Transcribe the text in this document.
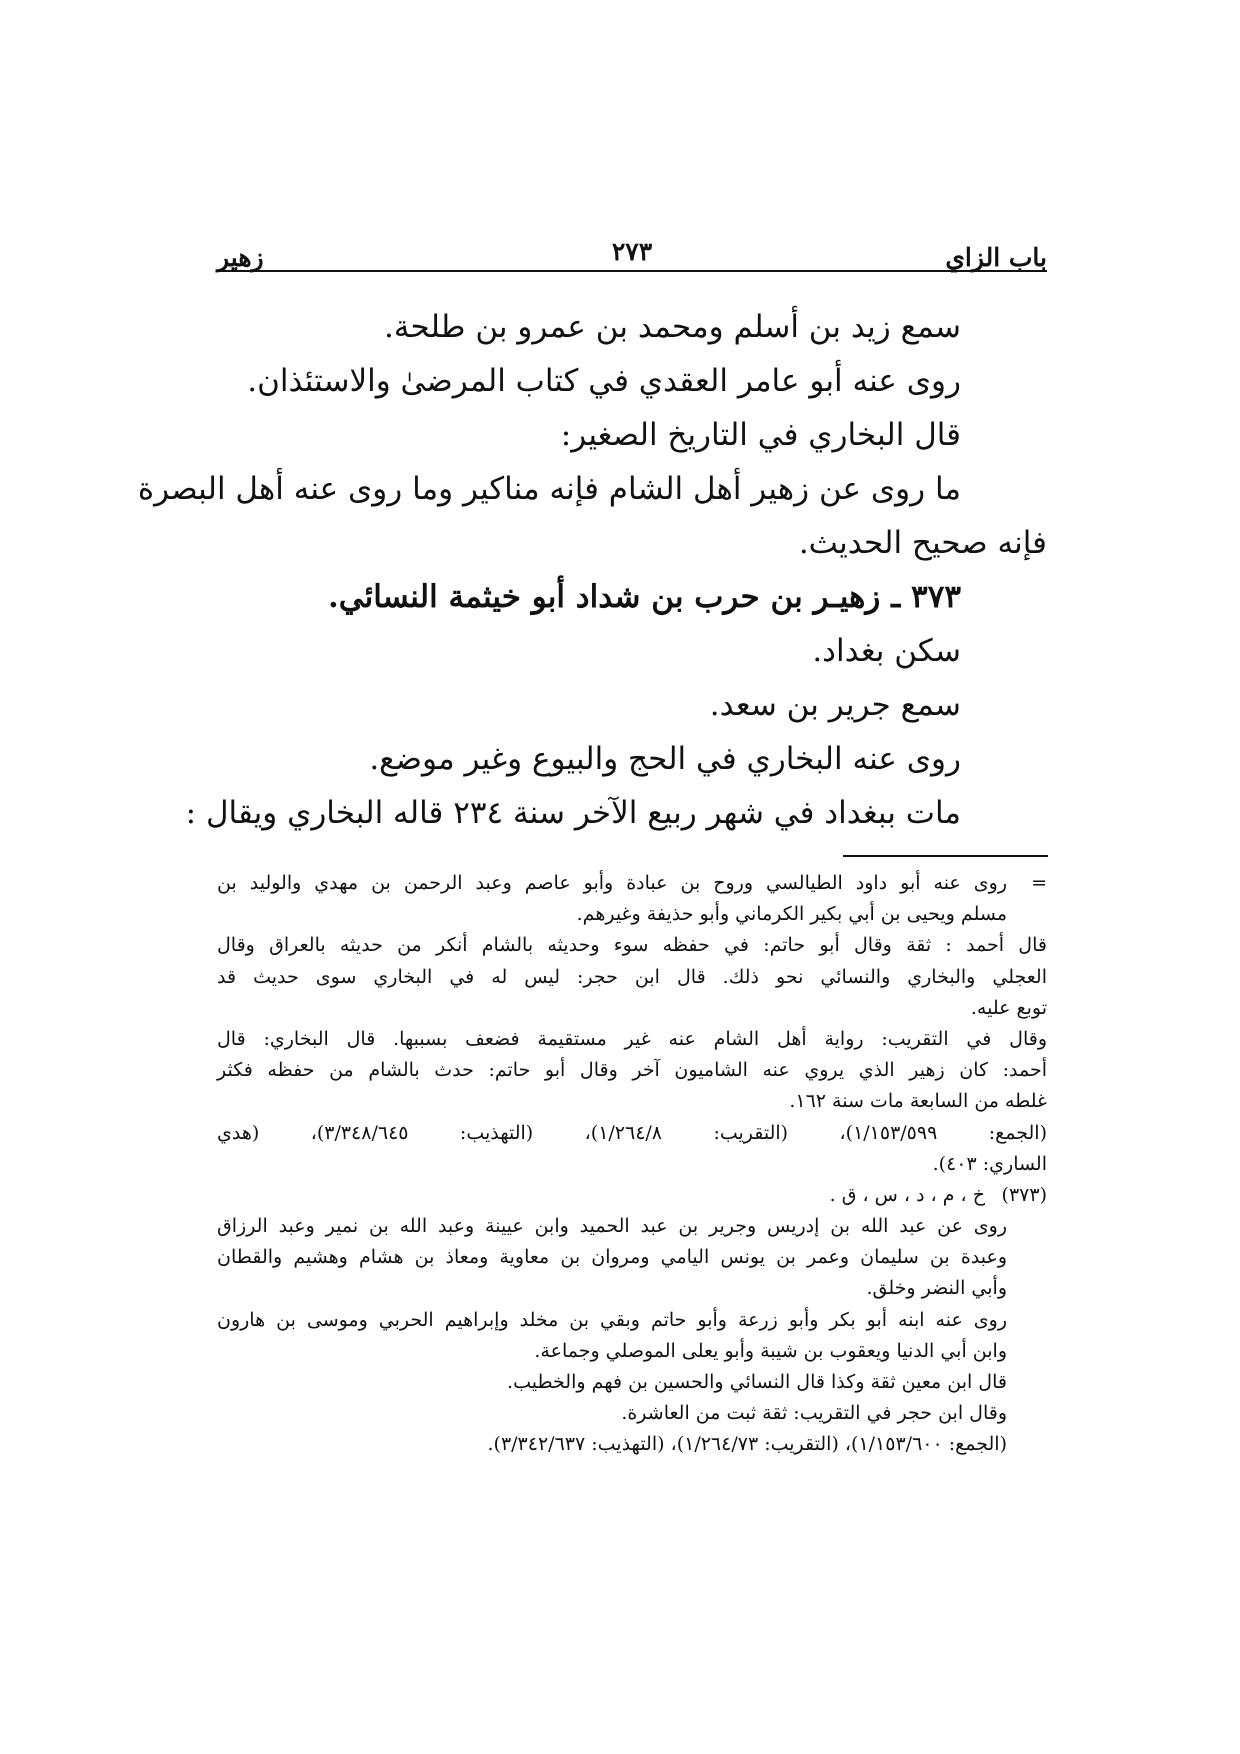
باب الزاي
٢٧٣
زهير
سمع زيد بن أسلم ومحمد بن عمرو بن طلحة.
روى عنه أبو عامر العقدي في كتاب المرضىٰ والاستئذان.
قال البخاري في التاريخ الصغير:
ما روى عن زهير أهل الشام فإنه مناكير وما روى عنه أهل البصرة
فإنه صحيح الحديث.
٣٧٣ ـ زهيـر بن حرب بن شداد أبو خيثمة النسائي.
سكن بغداد.
سمع جرير بن سعد.
روى عنه البخاري في الحج والبيوع وغير موضع.
مات ببغداد في شهر ربيع الآخر سنة ٢٣٤ قاله البخاري ويقال :
=
روى عنه أبو داود الطيالسي وروح بن عبادة وأبو عاصم وعبد الرحمن بن مهدي والوليد بن
مسلم ويحيى بن أبي بكير الكرماني وأبو حذيفة وغيرهم.
قال أحمد : ثقة وقال أبو حاتم: في حفظه سوء وحديثه بالشام أنكر من حديثه بالعراق وقال
العجلي والبخاري والنسائي نحو ذلك. قال ابن حجر: ليس له في البخاري سوى حديث قد
توبع عليه.
وقال في التقريب: رواية أهل الشام عنه غير مستقيمة فضعف بسببها. قال البخاري: قال
أحمد: كان زهير الذي يروي عنه الشاميون آخر وقال أبو حاتم: حدث بالشام من حفظه فكثر
غلطه من السابعة مات سنة ١٦٢.
(الجمع: ١/١٥٣/٥٩٩)، (التقريب: ١/٢٦٤/٨)، (التهذيب: ٣/٣٤٨/٦٤٥)، (هدي
الساري: ٤٠٣).
(٣٧٣)
خ ، م ، د ، س ، ق .
روى عن عبد الله بن إدريس وجرير بن عبد الحميد وابن عيينة وعبد الله بن نمير وعبد الرزاق
وعبدة بن سليمان وعمر بن يونس اليامي ومروان بن معاوية ومعاذ بن هشام وهشيم والقطان
وأبي النضر وخلق.
روى عنه ابنه أبو بكر وأبو زرعة وأبو حاتم وبقي بن مخلد وإبراهيم الحربي وموسى بن هارون
وابن أبي الدنيا ويعقوب بن شيبة وأبو يعلى الموصلي وجماعة.
قال ابن معين ثقة وكذا قال النسائي والحسين بن فهم والخطيب.
وقال ابن حجر في التقريب: ثقة ثبت من العاشرة.
(الجمع: ١/١٥٣/٦٠٠)، (التقريب: ١/٢٦٤/٧٣)، (التهذيب: ٣/٣٤٢/٦٣٧).
